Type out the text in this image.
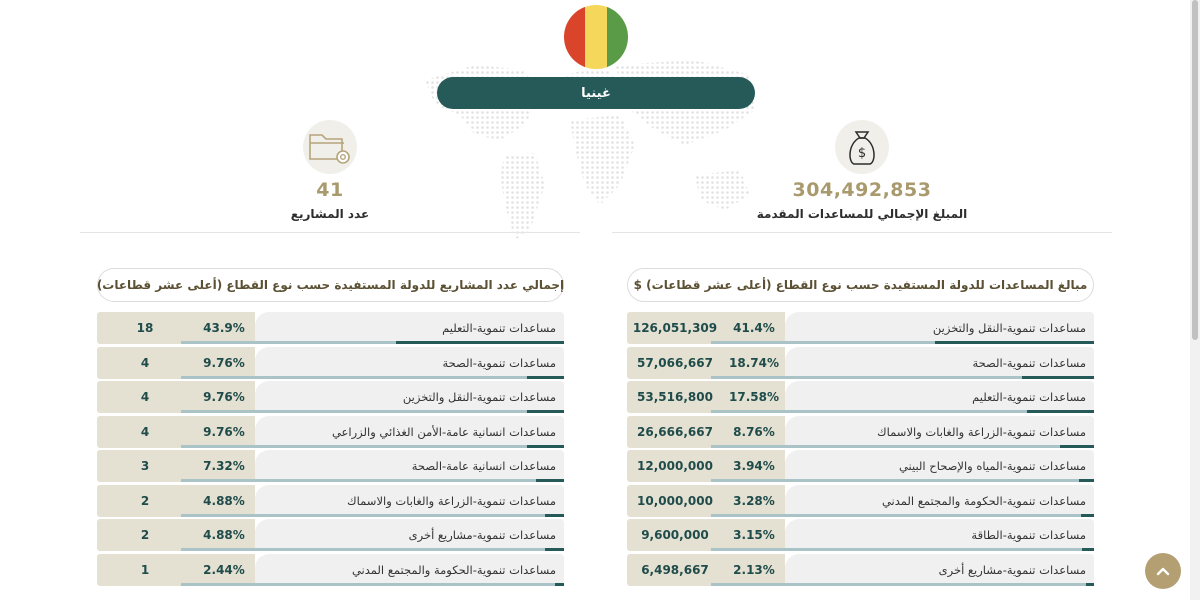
غينيا
41
عدد المشاريع
$
304,492,853
المبلغ الإجمالي للمساعدات المقدمة
إجمالي عدد المشاريع للدولة المستفيدة حسب نوع القطاع (أعلى عشر قطاعات)
18	43.9%	مساعدات تنموية-التعليم
4	9.76%	مساعدات تنموية-الصحة
4	9.76%	مساعدات تنموية-النقل والتخزين
4	9.76%	مساعدات انسانية عامة-الأمن الغذائي والزراعي
3	7.32%	مساعدات انسانية عامة-الصحة
2	4.88%	مساعدات تنموية-الزراعة والغابات والاسماك
2	4.88%	مساعدات تنموية-مشاريع أخرى
1	2.44%	مساعدات تنموية-الحكومة والمجتمع المدني
مبالغ المساعدات للدولة المستفيدة حسب نوع القطاع (أعلى عشر قطاعات) $
126,051,309	41.4%	مساعدات تنموية-النقل والتخزين
57,066,667	18.74%	مساعدات تنموية-الصحة
53,516,800	17.58%	مساعدات تنموية-التعليم
26,666,667	8.76%	مساعدات تنموية-الزراعة والغابات والاسماك
12,000,000	3.94%	مساعدات تنموية-المياه والإصحاح البيني
10,000,000	3.28%	مساعدات تنموية-الحكومة والمجتمع المدني
9,600,000	3.15%	مساعدات تنموية-الطاقة
6,498,667	2.13%	مساعدات تنموية-مشاريع أخرى
